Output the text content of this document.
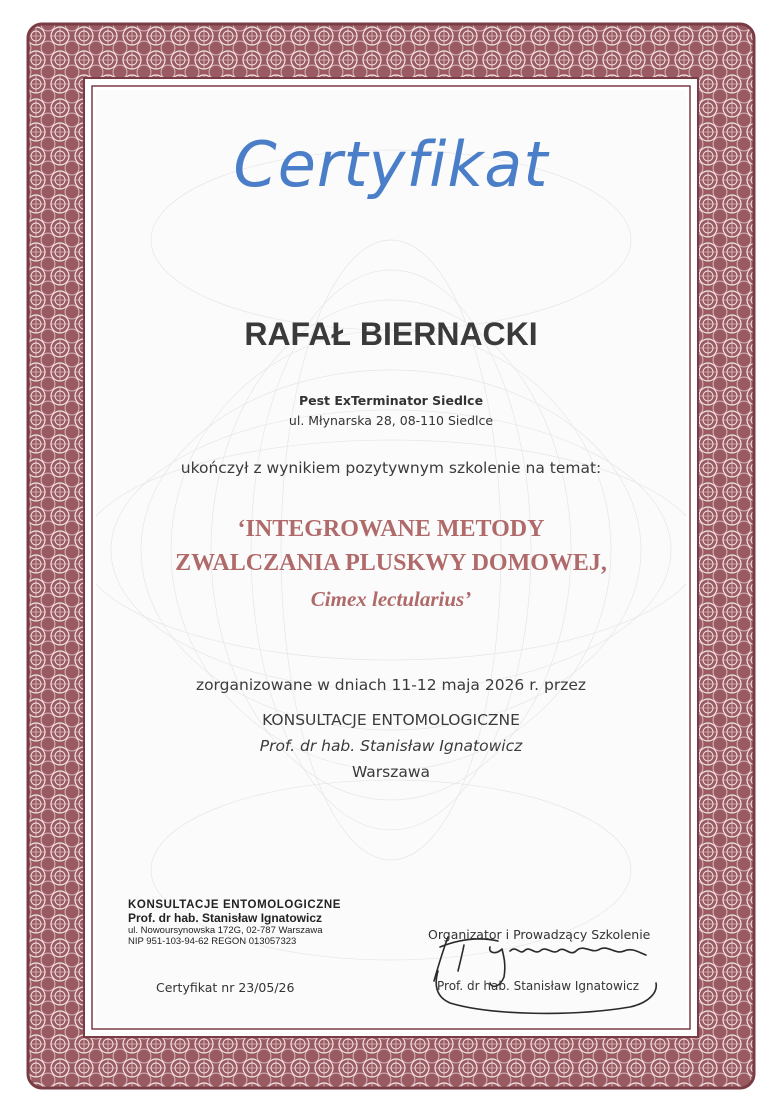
Certyfikat

RAFAŁ BIERNACKI

Pest ExTerminator Siedlce

ul. Młynarska 28, 08-110 Siedlce

ukończył z wynikiem pozytywnym szkolenie na temat:

‘INTEGROWANE METODY

ZWALCZANIA PLUSKWY DOMOWEJ,

Cimex lectularius’

zorganizowane w dniach 11-12 maja 2026 r. przez

KONSULTACJE ENTOMOLOGICZNE

Prof. dr hab. Stanisław Ignatowicz

Warszawa

KONSULTACJE ENTOMOLOGICZNE
Prof. dr hab. Stanisław Ignatowicz
ul. Nowoursynowska 172G, 02-787 Warszawa
NIP 951-103-94-62 REGON 013057323

Certyfikat nr 23/05/26

Organizator i Prowadzący Szkolenie

Prof. dr hab. Stanisław Ignatowicz
